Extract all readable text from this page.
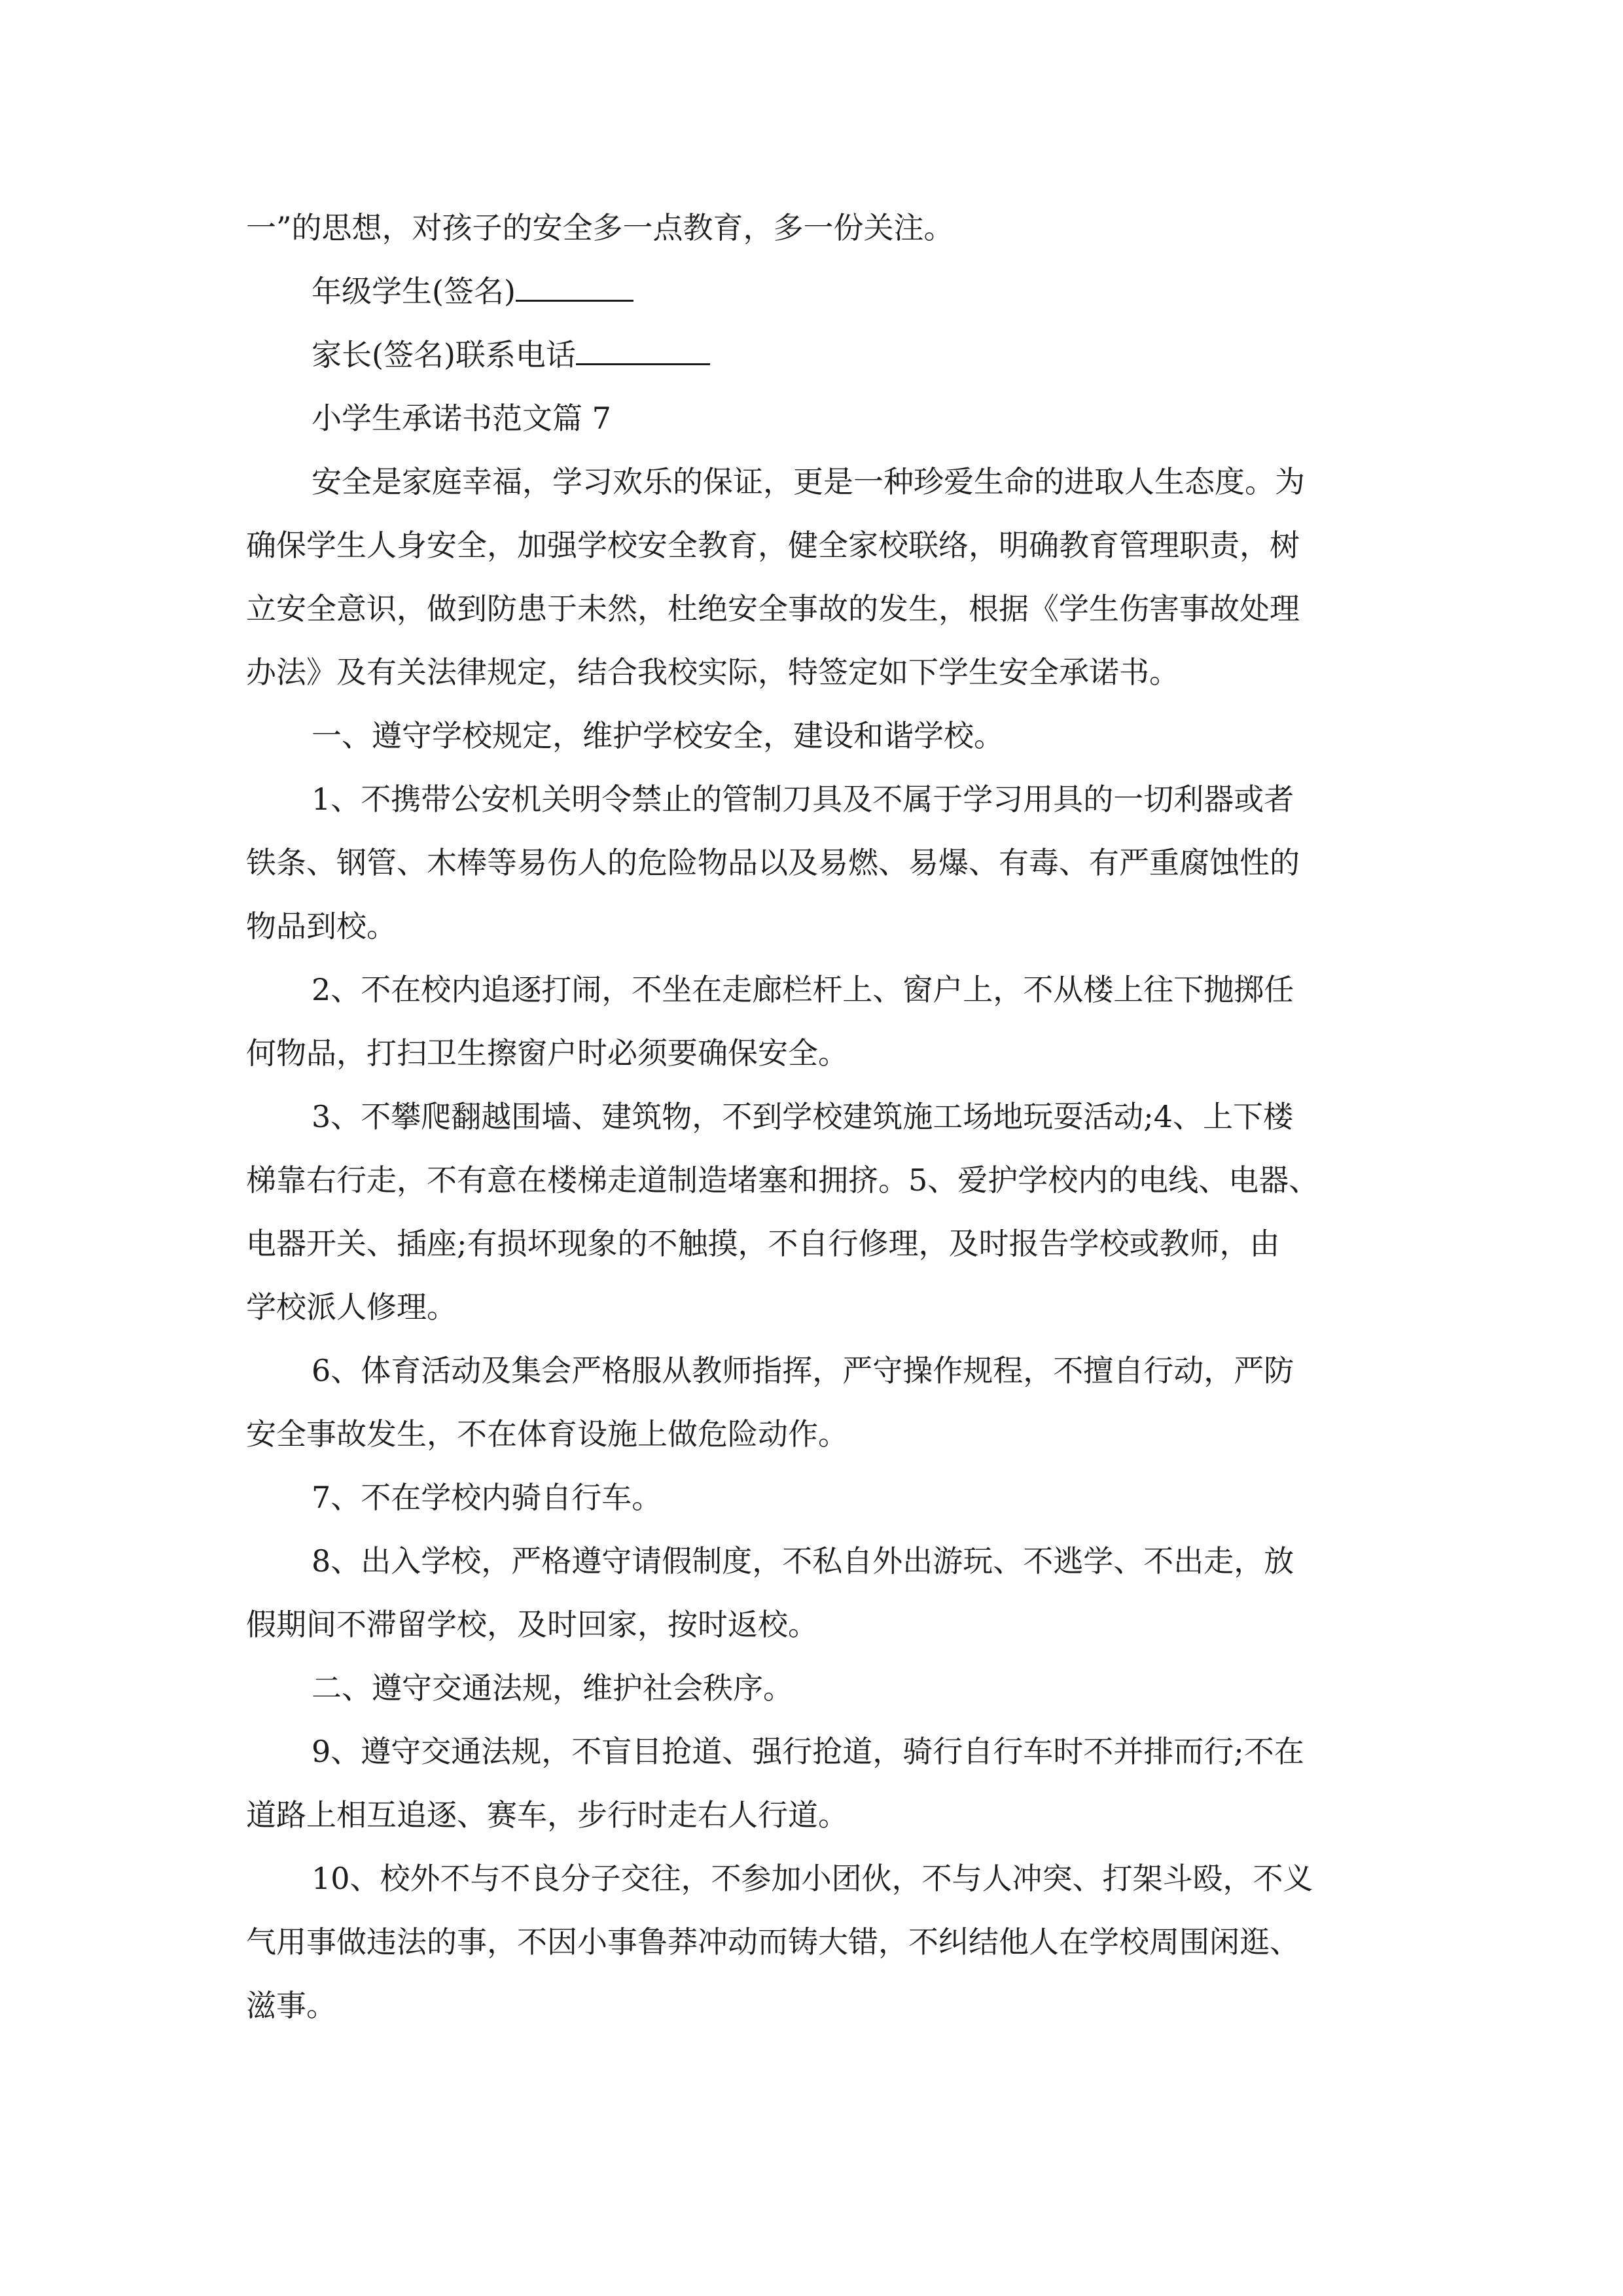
一”的思想，对孩子的安全多一点教育，多一份关注。
年级学生(签名)
家长(签名)联系电话
小学生承诺书范文篇 7
安全是家庭幸福，学习欢乐的保证，更是一种珍爱生命的进取人生态度。为
确保学生人身安全，加强学校安全教育，健全家校联络，明确教育管理职责，树
立安全意识，做到防患于未然，杜绝安全事故的发生，根据《学生伤害事故处理
办法》及有关法律规定，结合我校实际，特签定如下学生安全承诺书。
一、遵守学校规定，维护学校安全，建设和谐学校。
1、不携带公安机关明令禁止的管制刀具及不属于学习用具的一切利器或者
铁条、钢管、木棒等易伤人的危险物品以及易燃、易爆、有毒、有严重腐蚀性的
物品到校。
2、不在校内追逐打闹，不坐在走廊栏杆上、窗户上，不从楼上往下抛掷任
何物品，打扫卫生擦窗户时必须要确保安全。
3、不攀爬翻越围墙、建筑物，不到学校建筑施工场地玩耍活动;4、上下楼
梯靠右行走，不有意在楼梯走道制造堵塞和拥挤。5、爱护学校内的电线、电器、
电器开关、插座;有损坏现象的不触摸，不自行修理，及时报告学校或教师，由
学校派人修理。
6、体育活动及集会严格服从教师指挥，严守操作规程，不擅自行动，严防
安全事故发生，不在体育设施上做危险动作。
7、不在学校内骑自行车。
8、出入学校，严格遵守请假制度，不私自外出游玩、不逃学、不出走，放
假期间不滞留学校，及时回家，按时返校。
二、遵守交通法规，维护社会秩序。
9、遵守交通法规，不盲目抢道、强行抢道，骑行自行车时不并排而行;不在
道路上相互追逐、赛车，步行时走右人行道。
10、校外不与不良分子交往，不参加小团伙，不与人冲突、打架斗殴，不义
气用事做违法的事，不因小事鲁莽冲动而铸大错，不纠结他人在学校周围闲逛、
滋事。
